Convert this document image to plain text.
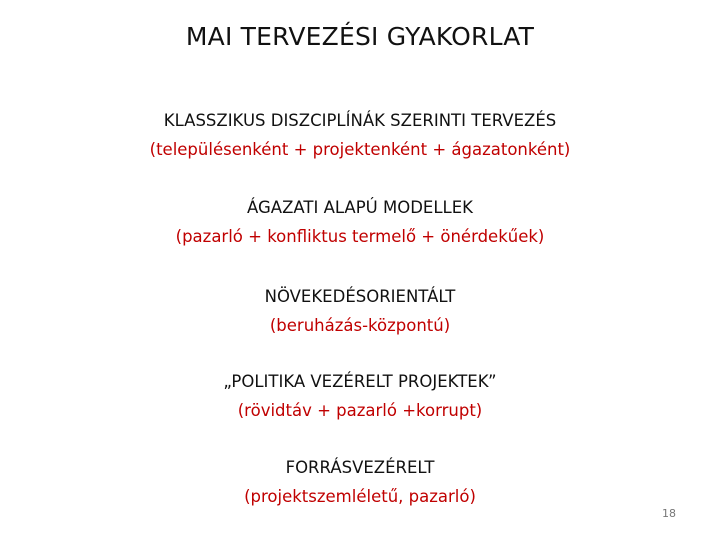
MAI TERVEZÉSI GYAKORLAT
KLASSZIKUS DISZCIPLÍNÁK SZERINTI TERVEZÉS
(településenként + projektenként + ágazatonként)
ÁGAZATI ALAPÚ MODELLEK
(pazarló + konfliktus termelő + önérdekűek)
NÖVEKEDÉSORIENTÁLT
(beruházás-központú)
„POLITIKA VEZÉRELT PROJEKTEK”
(rövidtáv + pazarló +korrupt)
FORRÁSVEZÉRELT
(projektszemléletű, pazarló)
18
